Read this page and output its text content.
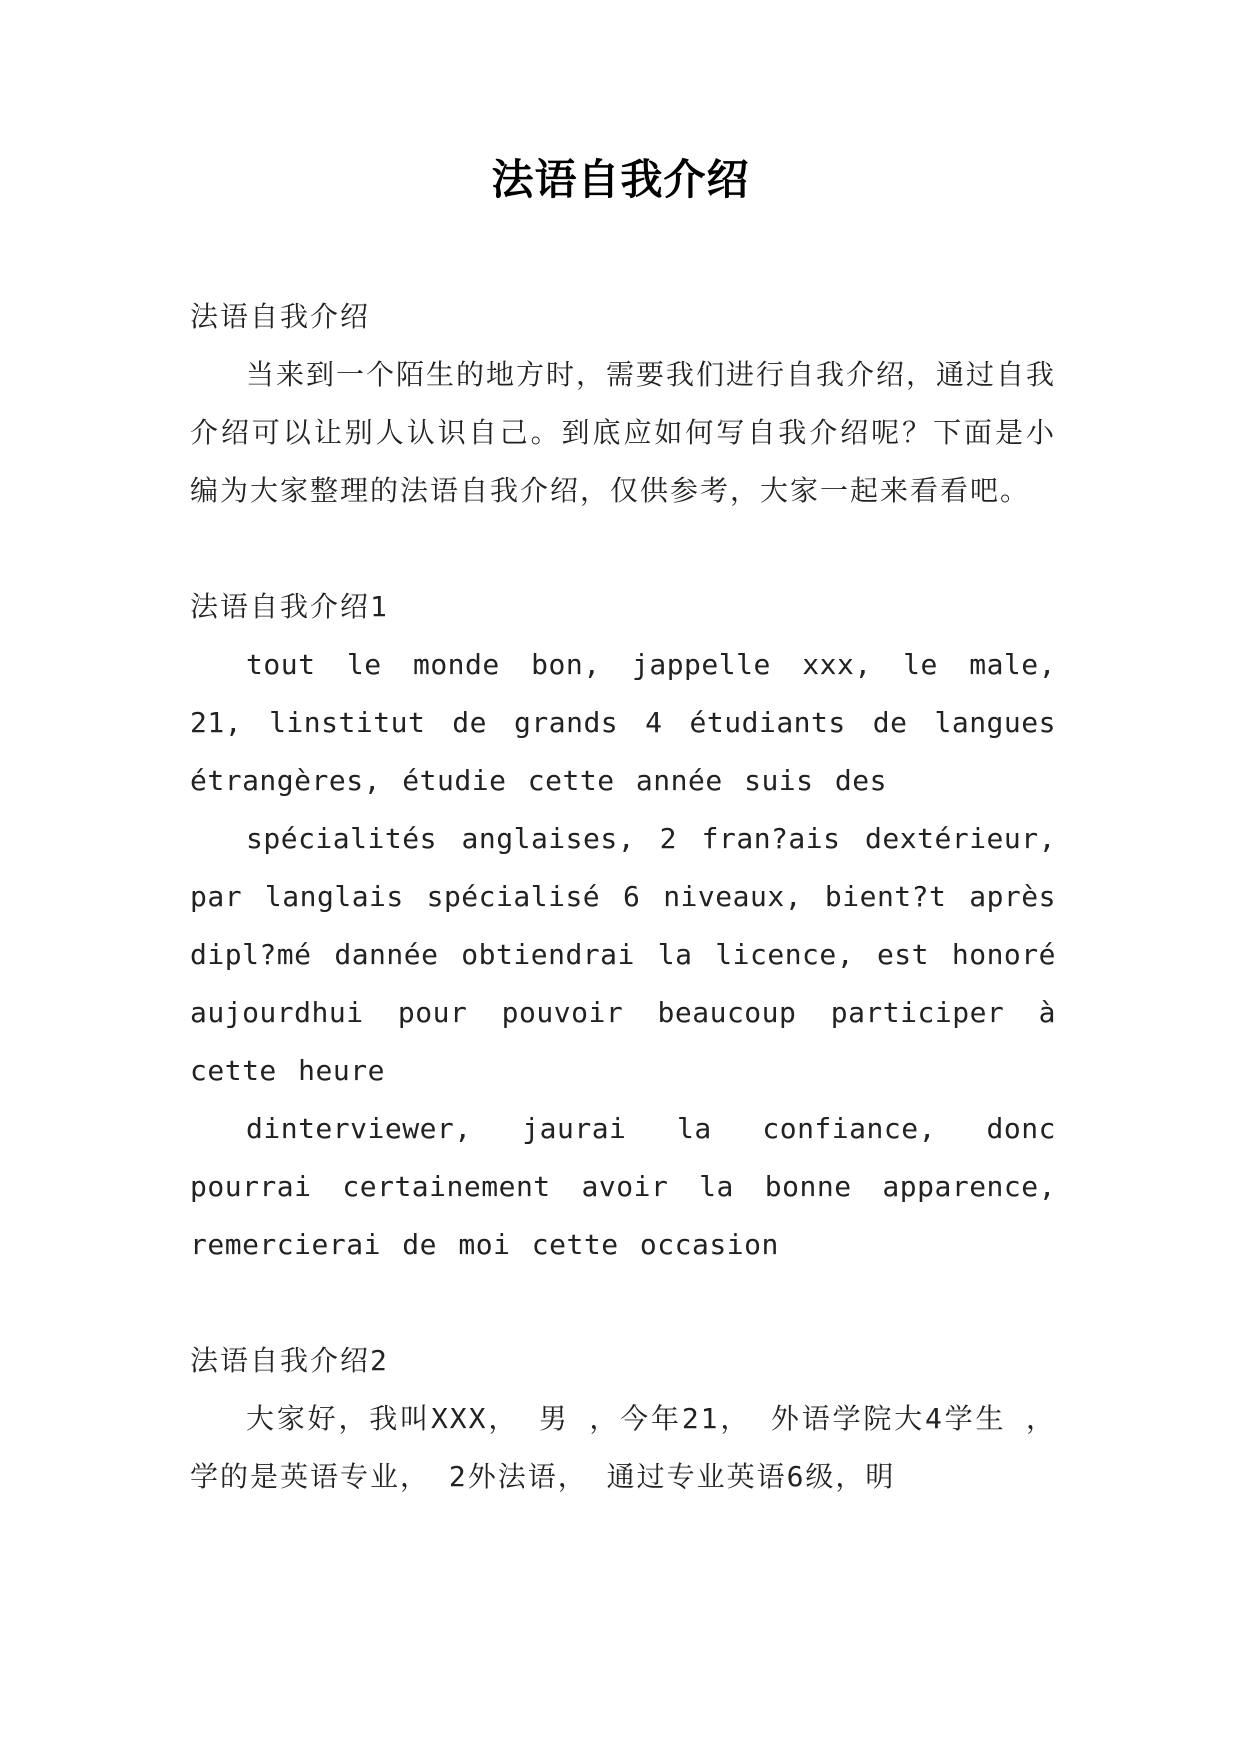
法语自我介绍

法语自我介绍

当来到一个陌生的地方时，需要我们进行自我介绍，通过自我介绍可以让别人认识自己。到底应如何写自我介绍呢？下面是小编为大家整理的法语自我介绍，仅供参考，大家一起来看看吧。

法语自我介绍1

tout le monde bon, jappelle xxx, le male, 21, linstitut de grands 4 étudiants de langues étrangères, étudie cette année suis des

spécialités anglaises, 2 fran?ais dextérieur, par langlais spécialisé 6 niveaux, bient?t après dipl?mé dannée obtiendrai la licence, est honoré aujourdhui pour pouvoir beaucoup participer à cette heure

dinterviewer, jaurai la confiance, donc pourrai certainement avoir la bonne apparence, remercierai de moi cette occasion

法语自我介绍2

大家好，我叫XXX， 男 ，今年21， 外语学院大4学生 ，学的是英语专业， 2外法语， 通过专业英语6级，明
